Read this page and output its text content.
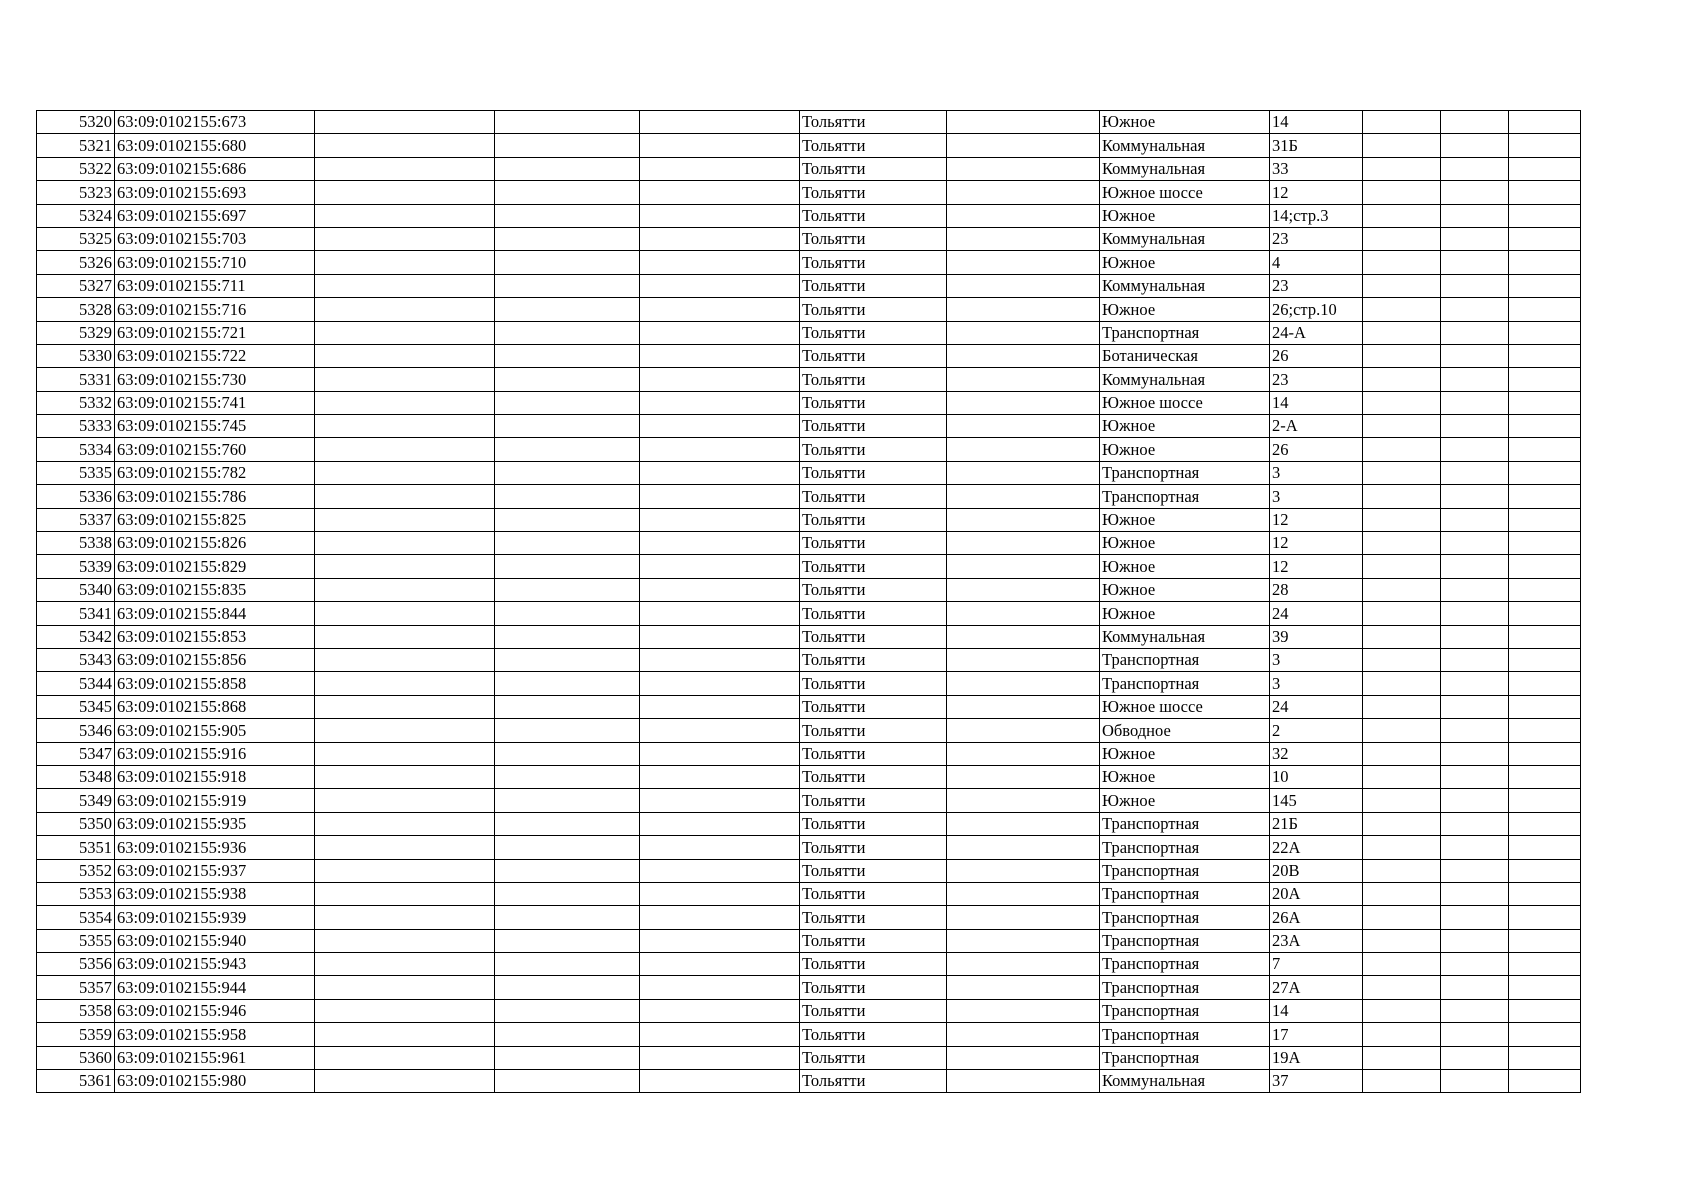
5320	63:09:0102155:673				Тольятти		Южное	14			
5321	63:09:0102155:680				Тольятти		Коммунальная	31Б			
5322	63:09:0102155:686				Тольятти		Коммунальная	33			
5323	63:09:0102155:693				Тольятти		Южное шоссе	12			
5324	63:09:0102155:697				Тольятти		Южное	14;стр.3			
5325	63:09:0102155:703				Тольятти		Коммунальная	23			
5326	63:09:0102155:710				Тольятти		Южное	4			
5327	63:09:0102155:711				Тольятти		Коммунальная	23			
5328	63:09:0102155:716				Тольятти		Южное	26;стр.10			
5329	63:09:0102155:721				Тольятти		Транспортная	24-А			
5330	63:09:0102155:722				Тольятти		Ботаническая	26			
5331	63:09:0102155:730				Тольятти		Коммунальная	23			
5332	63:09:0102155:741				Тольятти		Южное шоссе	14			
5333	63:09:0102155:745				Тольятти		Южное	2-А			
5334	63:09:0102155:760				Тольятти		Южное	26			
5335	63:09:0102155:782				Тольятти		Транспортная	3			
5336	63:09:0102155:786				Тольятти		Транспортная	3			
5337	63:09:0102155:825				Тольятти		Южное	12			
5338	63:09:0102155:826				Тольятти		Южное	12			
5339	63:09:0102155:829				Тольятти		Южное	12			
5340	63:09:0102155:835				Тольятти		Южное	28			
5341	63:09:0102155:844				Тольятти		Южное	24			
5342	63:09:0102155:853				Тольятти		Коммунальная	39			
5343	63:09:0102155:856				Тольятти		Транспортная	3			
5344	63:09:0102155:858				Тольятти		Транспортная	3			
5345	63:09:0102155:868				Тольятти		Южное шоссе	24			
5346	63:09:0102155:905				Тольятти		Обводное	2			
5347	63:09:0102155:916				Тольятти		Южное	32			
5348	63:09:0102155:918				Тольятти		Южное	10			
5349	63:09:0102155:919				Тольятти		Южное	145			
5350	63:09:0102155:935				Тольятти		Транспортная	21Б			
5351	63:09:0102155:936				Тольятти		Транспортная	22А			
5352	63:09:0102155:937				Тольятти		Транспортная	20В			
5353	63:09:0102155:938				Тольятти		Транспортная	20А			
5354	63:09:0102155:939				Тольятти		Транспортная	26А			
5355	63:09:0102155:940				Тольятти		Транспортная	23А			
5356	63:09:0102155:943				Тольятти		Транспортная	7			
5357	63:09:0102155:944				Тольятти		Транспортная	27А			
5358	63:09:0102155:946				Тольятти		Транспортная	14			
5359	63:09:0102155:958				Тольятти		Транспортная	17			
5360	63:09:0102155:961				Тольятти		Транспортная	19А			
5361	63:09:0102155:980				Тольятти		Коммунальная	37			
